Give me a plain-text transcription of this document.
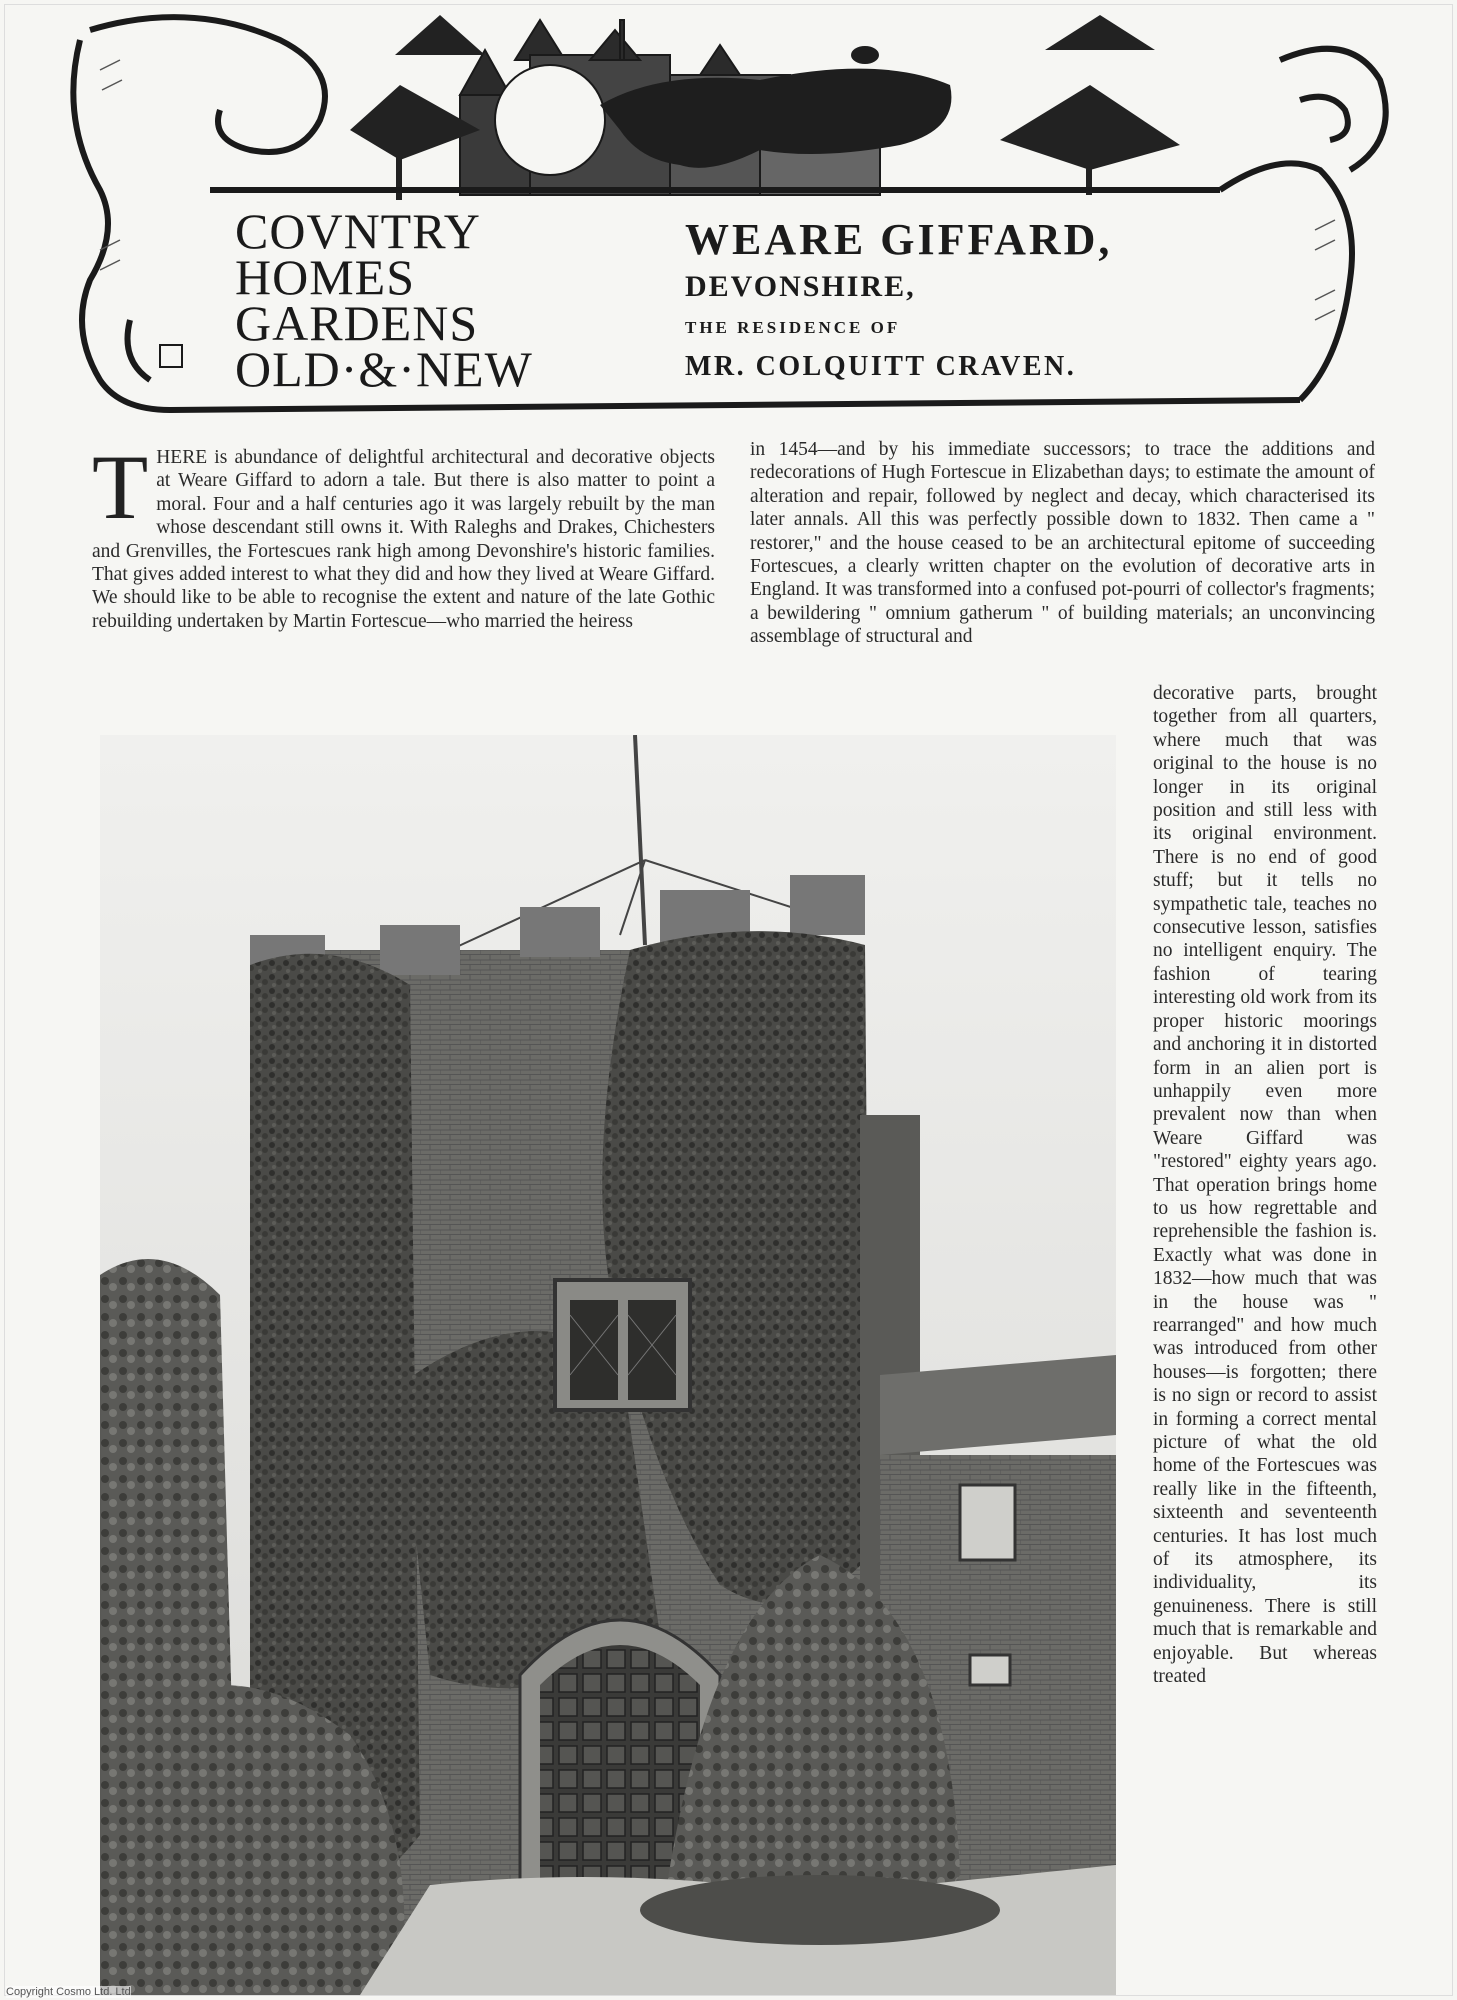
COVNTRY
HOMES
GARDENS
OLD·&·NEW
WEARE GIFFARD,
DEVONSHIRE,
THE RESIDENCE OF
MR. COLQUITT CRAVEN.
T HERE is abundance of delightful architectural and decorative objects at Weare Giffard to adorn a tale. But there is also matter to point a moral. Four and a half centuries ago it was largely rebuilt by the man whose descendant still owns it. With Raleghs and Drakes, Chichesters and Grenvilles, the Fortescues rank high among Devonshire's historic families. That gives added interest to what they did and how they lived at Weare Giffard. We should like to be able to recognise the extent and nature of the late Gothic rebuilding undertaken by Martin Fortescue—who married the heiress

in 1454—and by his immediate successors; to trace the additions and redecorations of Hugh Fortescue in Elizabethan days; to estimate the amount of alteration and repair, followed by neglect and decay, which characterised its later annals. All this was perfectly possible down to 1832. Then came a " restorer," and the house ceased to be an architectural epitome of succeeding Fortescues, a clearly written chapter on the evolution of decorative arts in England. It was transformed into a confused pot-pourri of collector's fragments; a bewildering " omnium gatherum " of building materials; an unconvincing assemblage of structural and

decorative parts, brought together from all quarters, where much that was original to the house is no longer in its original position and still less with its original environment. There is no end of good stuff; but it tells no sympathetic tale, teaches no consecutive lesson, satisfies no intelligent enquiry. The fashion of tearing interesting old work from its proper historic moorings and anchoring it in distorted form in an alien port is unhappily even more prevalent now than when Weare Giffard was "restored" eighty years ago. That operation brings home to us how regrettable and reprehensible the fashion is. Exactly what was done in 1832—how much that was in the house was " rearranged" and how much was introduced from other houses—is forgotten; there is no sign or record to assist in forming a correct mental picture of what the old home of the Fortescues was really like in the fifteenth, sixteenth and seventeenth centuries. It has lost much of its atmosphere, its individuality, its genuineness. There is still much that is remarkable and enjoyable. But whereas treated

Copyright Cosmo Ltd. Ltd
